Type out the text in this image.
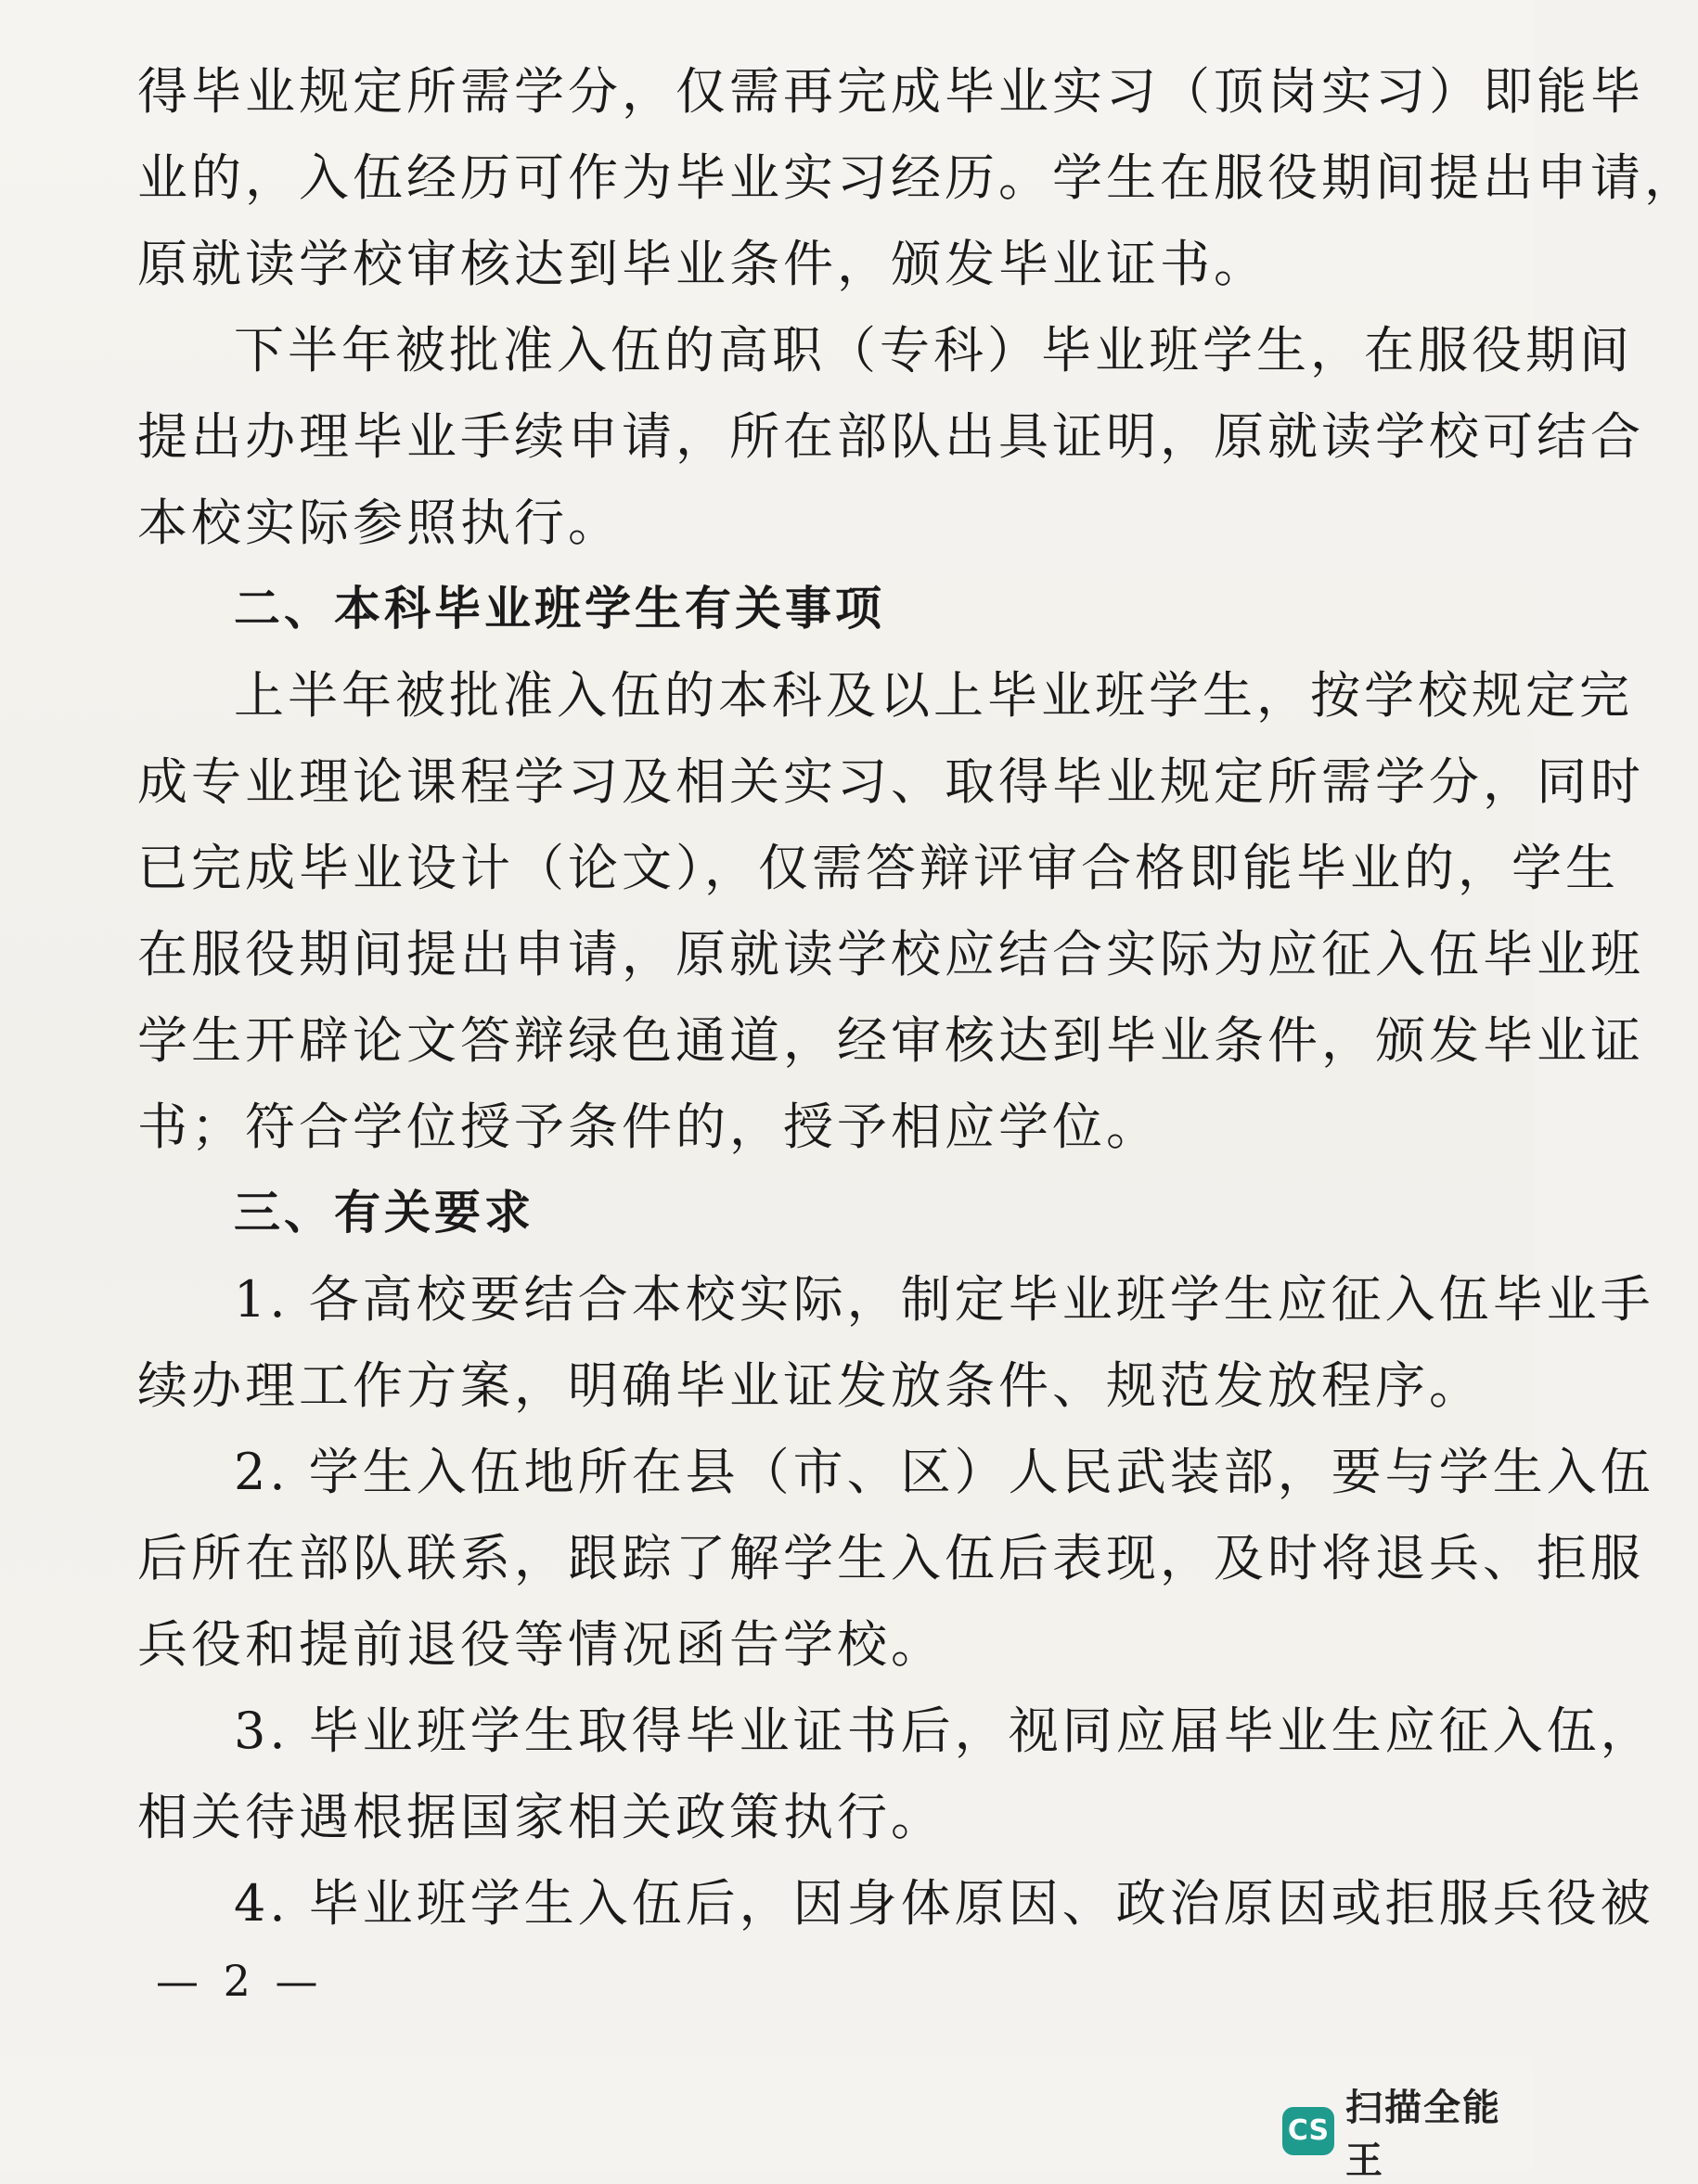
得毕业规定所需学分，仅需再完成毕业实习（顶岗实习）即能毕
业的，入伍经历可作为毕业实习经历。学生在服役期间提出申请，
原就读学校审核达到毕业条件，颁发毕业证书。
下半年被批准入伍的高职（专科）毕业班学生，在服役期间
提出办理毕业手续申请，所在部队出具证明，原就读学校可结合
本校实际参照执行。
二、本科毕业班学生有关事项
上半年被批准入伍的本科及以上毕业班学生，按学校规定完
成专业理论课程学习及相关实习、取得毕业规定所需学分，同时
已完成毕业设计（论文），仅需答辩评审合格即能毕业的，学生
在服役期间提出申请，原就读学校应结合实际为应征入伍毕业班
学生开辟论文答辩绿色通道，经审核达到毕业条件，颁发毕业证
书；符合学位授予条件的，授予相应学位。
三、有关要求
1. 各高校要结合本校实际，制定毕业班学生应征入伍毕业手
续办理工作方案，明确毕业证发放条件、规范发放程序。
2. 学生入伍地所在县（市、区）人民武装部，要与学生入伍
后所在部队联系，跟踪了解学生入伍后表现，及时将退兵、拒服
兵役和提前退役等情况函告学校。
3. 毕业班学生取得毕业证书后，视同应届毕业生应征入伍，
相关待遇根据国家相关政策执行。
4. 毕业班学生入伍后，因身体原因、政治原因或拒服兵役被
— 2 —
CS
扫描全能王
